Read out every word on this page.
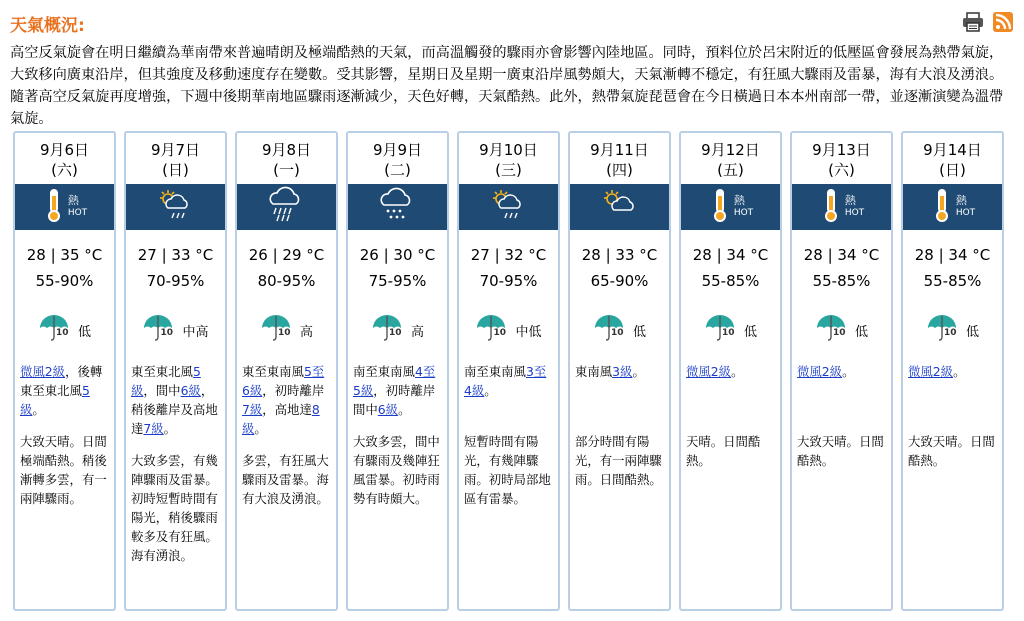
天氣概況:
高空反氣旋會在明日繼續為華南帶來普遍晴朗及極端酷熱的天氣，而高溫觸發的驟雨亦會影響內陸地區。同時，預料位於呂宋附近的低壓區會發展為熱帶氣旋，大致移向廣東沿岸，但其強度及移動速度存在變數。受其影響，星期日及星期一廣東沿岸風勢頗大，天氣漸轉不穩定，有狂風大驟雨及雷暴，海有大浪及湧浪。隨著高空反氣旋再度增強，下週中後期華南地區驟雨逐漸減少，天色好轉，天氣酷熱。此外，熱帶氣旋琵琶會在今日橫過日本本州南部一帶，並逐漸演變為溫帶氣旋。
9月6日
(六)
熱
HOT
28 | 35 °C
55-90%
10 低
微風2級，後轉東至東北風5級。
大致天晴。日間極端酷熱。稍後漸轉多雲，有一兩陣驟雨。
9月7日
(日)
27 | 33 °C
70-95%
10 中高
東至東北風5級，間中6級，稍後離岸及高地達7級。
大致多雲，有幾陣驟雨及雷暴。初時短暫時間有陽光，稍後驟雨較多及有狂風。海有湧浪。
9月8日
(一)
26 | 29 °C
80-95%
10 高
東至東南風5至6級，初時離岸7級，高地達8級。
多雲，有狂風大驟雨及雷暴。海有大浪及湧浪。
9月9日
(二)
26 | 30 °C
75-95%
10 高
南至東南風4至5級，初時離岸間中6級。
大致多雲，間中有驟雨及幾陣狂風雷暴。初時雨勢有時頗大。
9月10日
(三)
27 | 32 °C
70-95%
10 中低
南至東南風3至4級。
短暫時間有陽光，有幾陣驟雨。初時局部地區有雷暴。
9月11日
(四)
28 | 33 °C
65-90%
10 低
東南風3級。
部分時間有陽光，有一兩陣驟雨。日間酷熱。
9月12日
(五)
熱
HOT
28 | 34 °C
55-85%
10 低
微風2級。
天晴。日間酷熱。
9月13日
(六)
熱
HOT
28 | 34 °C
55-85%
10 低
微風2級。
大致天晴。日間酷熱。
9月14日
(日)
熱
HOT
28 | 34 °C
55-85%
10 低
微風2級。
大致天晴。日間酷熱。
